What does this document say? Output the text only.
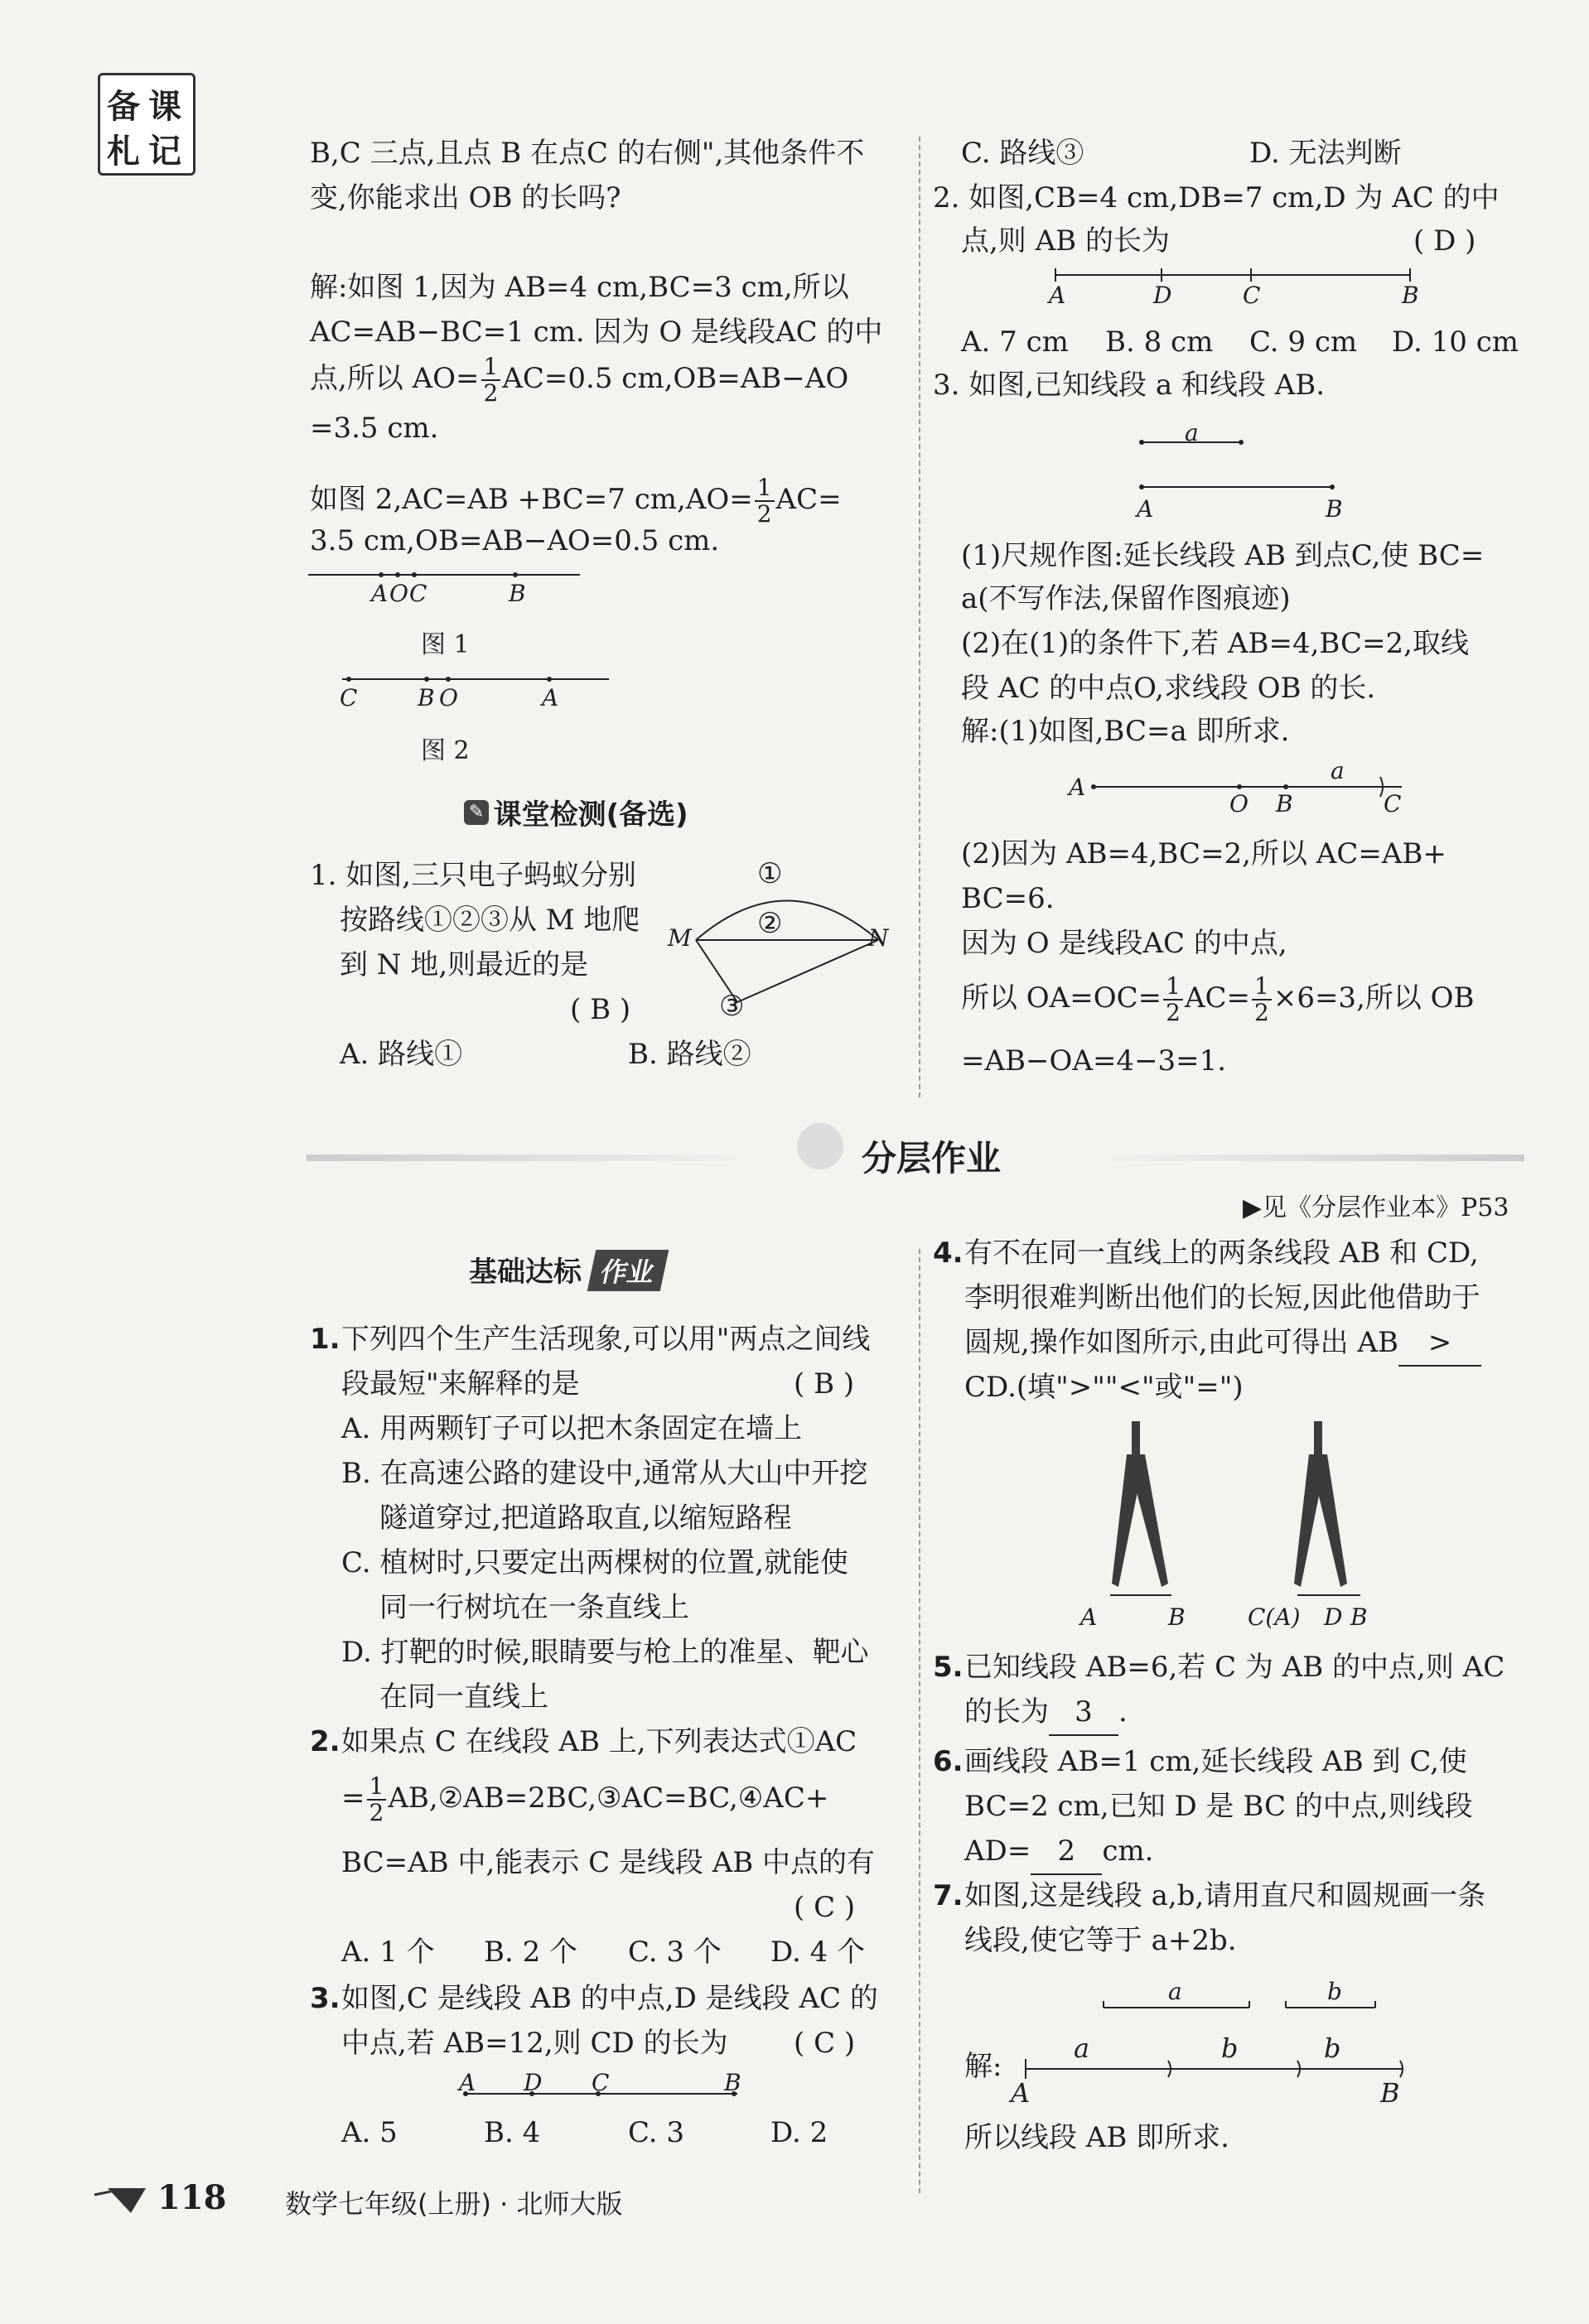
备 课
札 记	B,C 三点,且点 B 在点C 的右侧",其他条件不
变,你能求出 OB 的长吗?
解:如图 1,因为 AB=4 cm,BC=3 cm,所以
AC=AB−BC=1 cm. 因为 O 是线段AC 的中
点,所以 $AO= \frac{1}{2} AC=0.5$ cm,OB=AB−AO
=3.5 cm.
如图 2,AC=AB +BC=7 $cm,AO= \frac{1}{2} AC=$
3.5 cm,OB=AB−AO=0.5 cm.
A O C	B
图 1
C	B O	A
图 2
✎ 课堂检测(备选)
1. 如图,三只电子蚂蚁分别
按路线①②③从 M 地爬
到 N 地,则最近的是
( B )
A. 路线①	B. 路线②
①
②
③
M	N
C. 路线③	D. 无法判断
2. 如图,CB=4 cm,DB=7 cm,D 为 AC 的中
点,则 AB 的长为	( D )
A	D	C	B
A. 7 cm B. 8 cm C. 9 cm D. 10 cm
3. 如图,已知线段 a 和线段 AB.
a
A	B
(1)尺规作图:延长线段 AB 到点C,使 BC=
a(不写作法,保留作图痕迹)
(2)在(1)的条件下,若 AB=4,BC=2,取线
段 AC 的中点O,求线段 OB 的长.
解:(1)如图,BC=a 即所求.
A
O B	C
a
(2)因为 AB=4,BC=2,所以 AC=AB+
BC=6.
因为 O 是线段AC 的中点,
所以 $OA=OC= \frac{1}{2} AC= \frac{1}{2} \times 6=3$,所以 OB
=AB−OA=4−3=1.
分层作业
▶见《分层作业本》P53
基础达标 作业
1. 下列四个生产生活现象,可以用"两点之间线
段最短"来解释的是	( B )
A. 用两颗钉子可以把木条固定在墙上
B. 在高速公路的建设中,通常从大山中开挖
隧道穿过,把道路取直,以缩短路程
C. 植树时,只要定出两棵树的位置,就能使
同一行树坑在一条直线上
D. 打靶的时候,眼睛要与枪上的准星、靶心
在同一直线上
2. 如果点 C 在线段 AB 上,下列表达式①AC
= $\frac{1}{2}$ AB,②AB=2BC,③AC=BC,④AC+
BC=AB 中,能表示 C 是线段 AB 中点的有
( C )
A. 1 个 B. 2 个 C. 3 个 D. 4 个
3. 如图,C 是线段 AB 的中点,D 是线段 AC 的
中点,若 AB=12,则 CD 的长为 ( C )
A D C	B
A. 5	B. 4	C. 3	D. 2
4. 有不在同一直线上的两条线段 AB 和 CD,
李明很难判断出他们的长短,因此他借助于
圆规,操作如图所示,由此可得出 AB >
CD.(填">""<"或"=")
A	B	C(A) D B
5. 已知线段 AB=6,若 C 为 AB 的中点,则 AC
的长为 3 .
6. 画线段 AB=1 cm,延长线段 AB 到 C,使
BC=2 cm,已知 D 是 BC 的中点,则线段
AD= 2 cm.
7. 如图,这是线段 a,b,请用直尺和圆规画一条
线段,使它等于 a+2b.
a	b
解:
a	b	b
A	B
所以线段 AB 即所求.
118 数学七年级(上册) · 北师大版
